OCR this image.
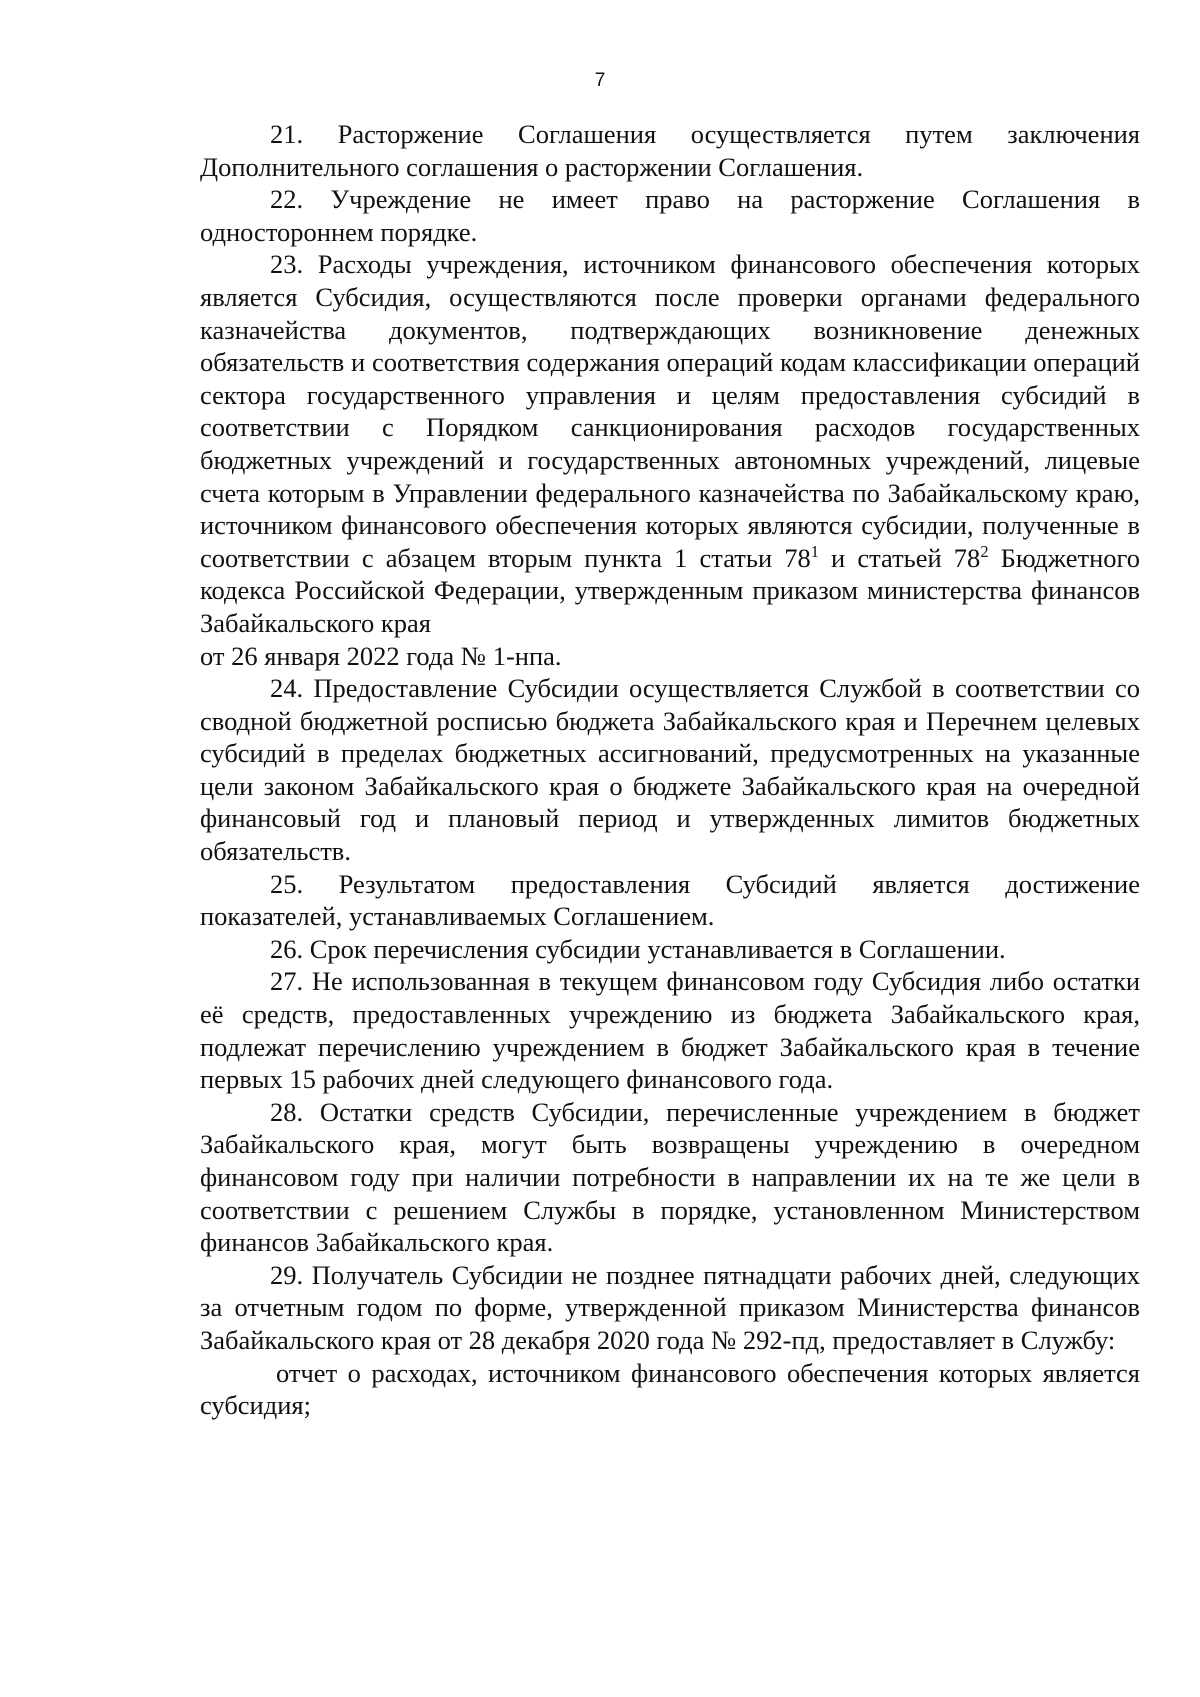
7

21. Расторжение Соглашения осуществляется путем заключения Дополнительного соглашения о расторжении Соглашения.

22. Учреждение не имеет право на расторжение Соглашения в одностороннем порядке.

23. Расходы учреждения, источником финансового обеспечения которых является Субсидия, осуществляются после проверки органами федерального казначейства документов, подтверждающих возникновение денежных обязательств и соответствия содержания операций кодам классификации операций сектора государственного управления и целям предоставления субсидий в соответствии с Порядком санкционирования расходов государственных бюджетных учреждений и государственных автономных учреждений, лицевые счета которым в Управлении федерального казначейства по Забайкальскому краю, источником финансового обеспечения которых являются субсидии, полученные в соответствии с абзацем вторым пункта 1 статьи $78^1$ и статьей $78^2$ Бюджетного кодекса Российской Федерации, утвержденным приказом министерства финансов Забайкальского края

от 26 января 2022 года № 1-нпа.

24. Предоставление Субсидии осуществляется Службой в соответствии со сводной бюджетной росписью бюджета Забайкальского края и Перечнем целевых субсидий в пределах бюджетных ассигнований, предусмотренных на указанные цели законом Забайкальского края о бюджете Забайкальского края на очередной финансовый год и плановый период и утвержденных лимитов бюджетных обязательств.

25. Результатом предоставления Субсидий является достижение показателей, устанавливаемых Соглашением.

26. Срок перечисления субсидии устанавливается в Соглашении.

27. Не использованная в текущем финансовом году Субсидия либо остатки её средств, предоставленных учреждению из бюджета Забайкальского края, подлежат перечислению учреждением в бюджет Забайкальского края в течение первых 15 рабочих дней следующего финансового года.

28. Остатки средств Субсидии, перечисленные учреждением в бюджет Забайкальского края, могут быть возвращены учреждению в очередном финансовом году при наличии потребности в направлении их на те же цели в соответствии с решением Службы в порядке, установленном Министерством финансов Забайкальского края.

29. Получатель Субсидии не позднее пятнадцати рабочих дней, следующих за отчетным годом по форме, утвержденной приказом Министерства финансов Забайкальского края от 28 декабря 2020 года № 292-пд, предоставляет в Службу:

отчет о расходах, источником финансового обеспечения которых является субсидия;
